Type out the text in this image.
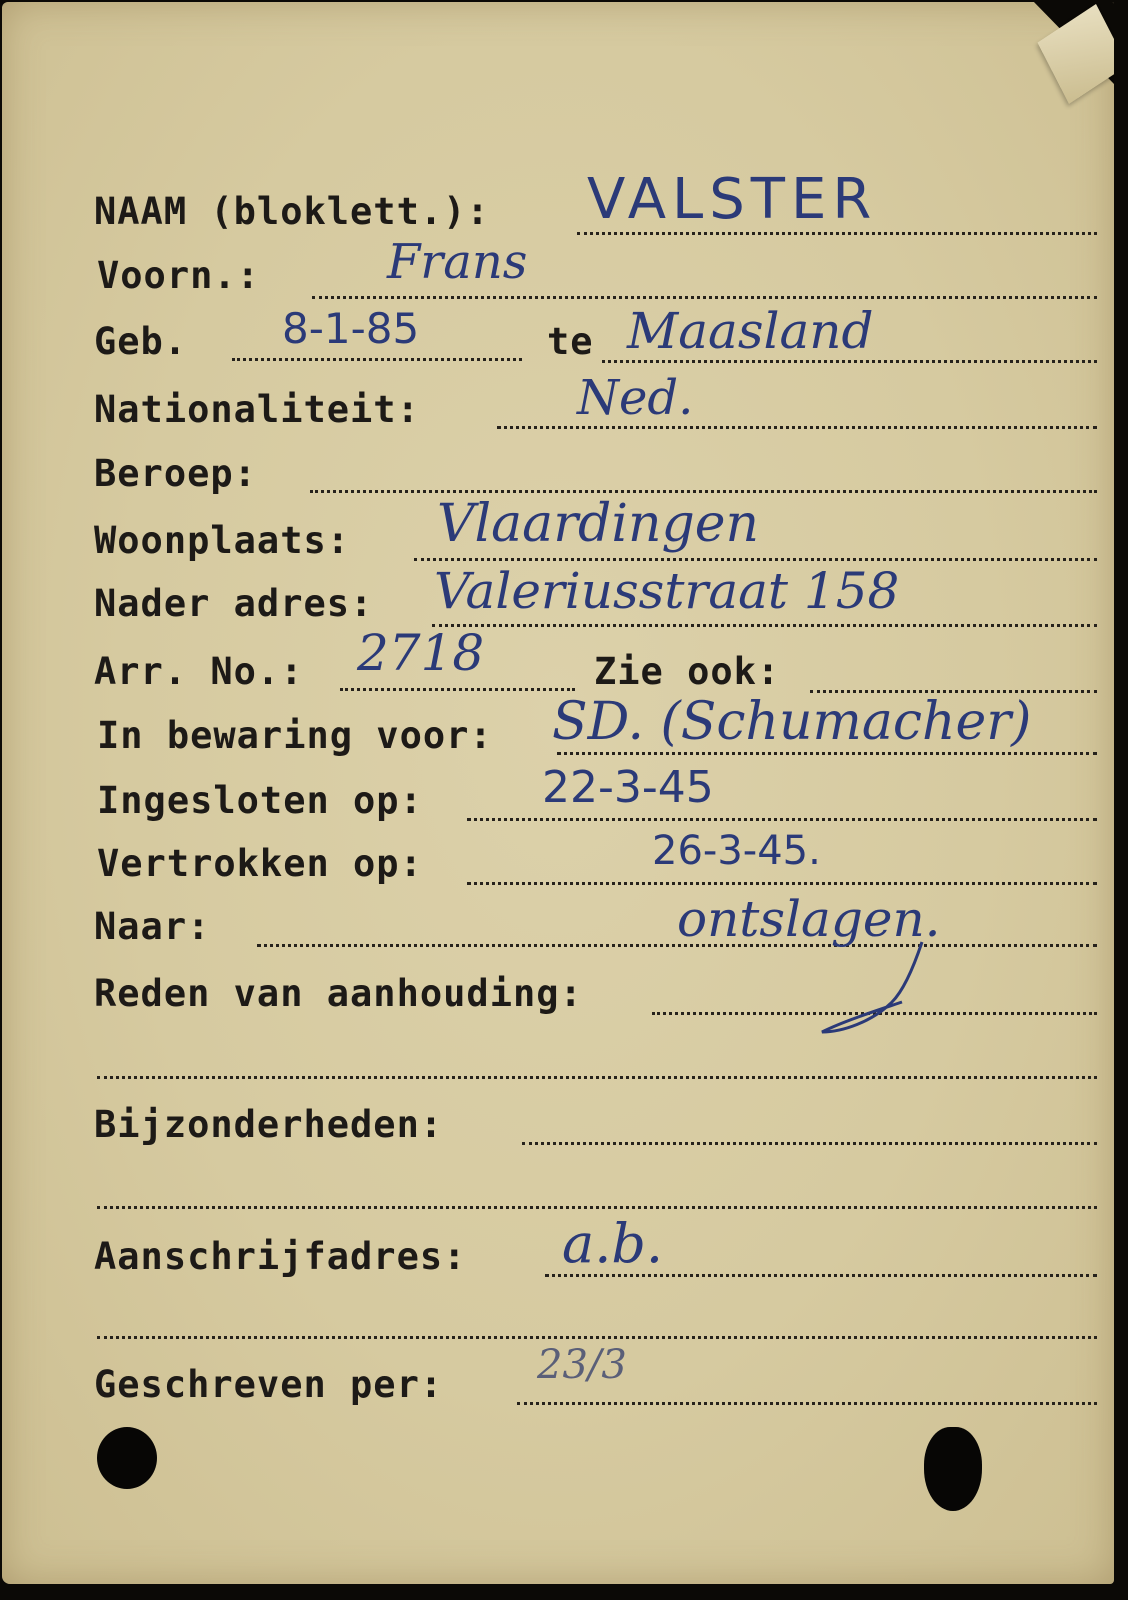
NAAM (bloklett.): VALSTER
Voorn.:	Frans
Geb. 8-1-85	te Maasland
Nationaliteit:	Ned.
Beroep:
Woonplaats: Vlaardingen
Nader adres: Valeriusstraat 158
Arr. No.: 2718	Zie ook:
In bewaring voor: SD. (Schumacher)
Ingesloten op:	22-3-45
Vertrokken op:	26-3-45.
Naar:	ontslagen.
Reden van aanhouding:
Bijzonderheden:
Aanschrijfadres: a.b.
Geschreven per: 23/3
